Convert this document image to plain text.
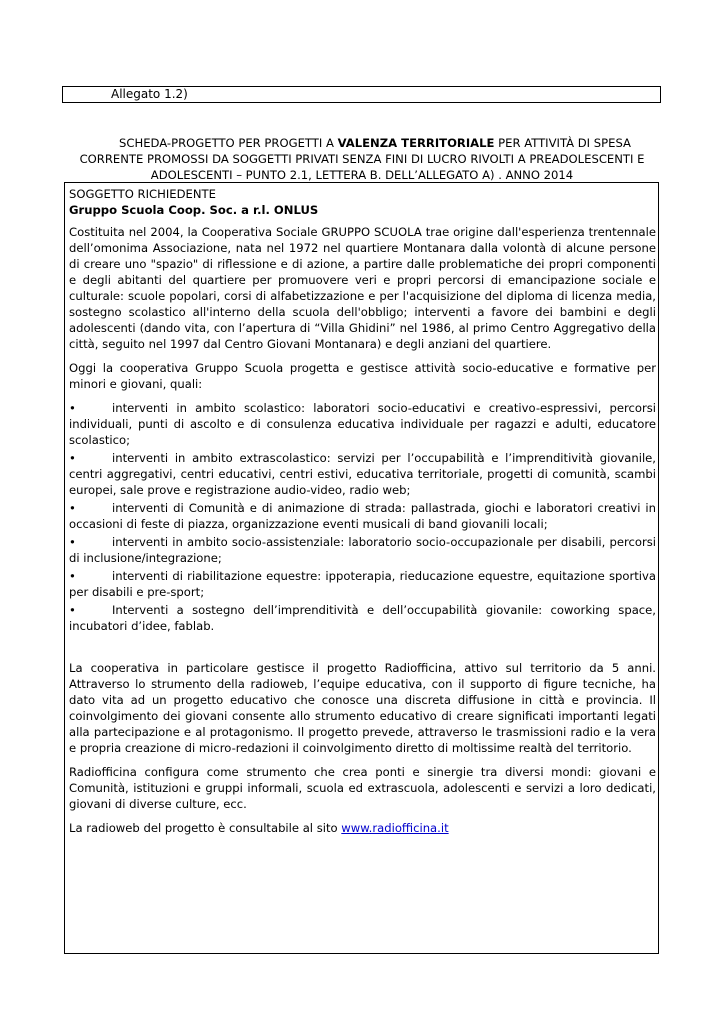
Allegato 1.2)
SCHEDA-PROGETTO PER PROGETTI A VALENZA TERRITORIALE PER ATTIVITÀ DI SPESA
CORRENTE PROMOSSI DA SOGGETTI PRIVATI SENZA FINI DI LUCRO RIVOLTI A PREADOLESCENTI E
ADOLESCENTI – PUNTO 2.1, LETTERA B. DELL’ALLEGATO A) . ANNO 2014

SOGGETTO RICHIEDENTE

Gruppo Scuola Coop. Soc. a r.l. ONLUS

Costituita nel 2004, la Cooperativa Sociale GRUPPO SCUOLA trae origine dall'esperienza trentennale dell’omonima Associazione, nata nel 1972 nel quartiere Montanara dalla volontà di alcune persone di creare uno "spazio" di riflessione e di azione, a partire dalle problematiche dei propri componenti e degli abitanti del quartiere per promuovere veri e propri percorsi di emancipazione sociale e culturale: scuole popolari, corsi di alfabetizzazione e per l'acquisizione del diploma di licenza media, sostegno scolastico all'interno della scuola dell'obbligo; interventi a favore dei bambini e degli adolescenti (dando vita, con l’apertura di “Villa Ghidini” nel 1986, al primo Centro Aggregativo della città, seguito nel 1997 dal Centro Giovani Montanara) e degli anziani del quartiere.

Oggi la cooperativa Gruppo Scuola progetta e gestisce attività socio-educative e formative per minori e giovani, quali:

•	interventi in ambito scolastico: laboratori socio-educativi e creativo-espressivi, percorsi individuali, punti di ascolto e di consulenza educativa individuale per ragazzi e adulti, educatore scolastico;
•	interventi in ambito extrascolastico: servizi per l’occupabilità e l’imprenditività giovanile, centri aggregativi, centri educativi, centri estivi, educativa territoriale, progetti di comunità, scambi europei, sale prove e registrazione audio-video, radio web;
•	interventi di Comunità e di animazione di strada: pallastrada, giochi e laboratori creativi in occasioni di feste di piazza, organizzazione eventi musicali di band giovanili locali;
•	interventi in ambito socio-assistenziale: laboratorio socio-occupazionale per disabili, percorsi di inclusione/integrazione;
•	interventi di riabilitazione equestre: ippoterapia, rieducazione equestre, equitazione sportiva per disabili e pre-sport;
•	Interventi a sostegno dell’imprenditività e dell’occupabilità giovanile: coworking space, incubatori d’idee, fablab.

La cooperativa in particolare gestisce il progetto Radiofficina, attivo sul territorio da 5 anni. Attraverso lo strumento della radioweb, l’equipe educativa, con il supporto di figure tecniche, ha dato vita ad un progetto educativo che conosce una discreta diffusione in città e provincia. Il coinvolgimento dei giovani consente allo strumento educativo di creare significati importanti legati alla partecipazione e al protagonismo. Il progetto prevede, attraverso le trasmissioni radio e la vera e propria creazione di micro-redazioni il coinvolgimento diretto di moltissime realtà del territorio.

Radiofficina configura come strumento che crea ponti e sinergie tra diversi mondi: giovani e Comunità, istituzioni e gruppi informali, scuola ed extrascuola, adolescenti e servizi a loro dedicati, giovani di diverse culture, ecc.

La radioweb del progetto è consultabile al sito www.radiofficina.it
